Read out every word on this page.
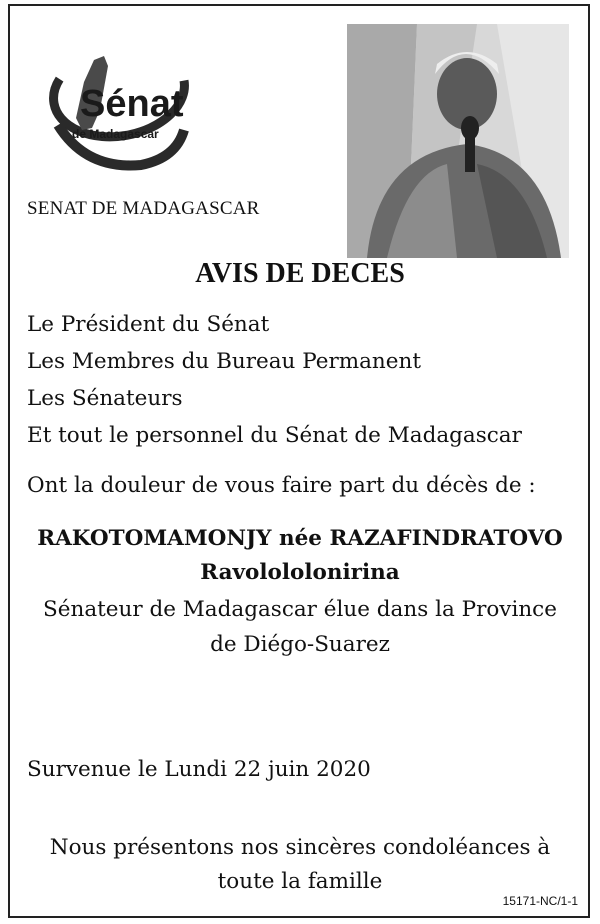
Sénat
de Madagascar
SENAT DE MADAGASCAR
AVIS DE DECES
Le Président du Sénat
Les Membres du Bureau Permanent
Les Sénateurs
Et tout le personnel du Sénat de Madagascar
Ont la douleur de vous faire part du décès de :
RAKOTOMAMONJY née RAZAFINDRATOVO
Ravolololonirina
Sénateur de Madagascar élue dans la Province
de Diégo-Suarez
Survenue le Lundi 22 juin 2020
Nous présentons nos sincères condoléances à
toute la famille
15171-NC/1-1
